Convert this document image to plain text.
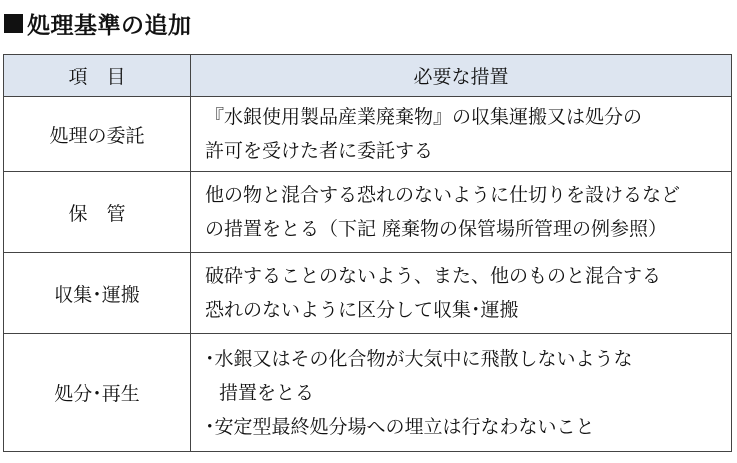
処理基準の追加
項　目	必要な措置
処理の委託	『水銀使用製品産業廃棄物』の収集運搬又は処分の
許可を受けた者に委託する

保　管	他の物と混合する恐れのないように仕切りを設けるなど
の措置をとる（下記 廃棄物の保管場所管理の例参照）

収集･運搬	破砕することのないよう、また、他のものと混合する
恐れのないように区分して収集･運搬

処分･再生	･水銀又はその化合物が大気中に飛散しないような
措置をとる
･安定型最終処分場への埋立は行なわないこと
